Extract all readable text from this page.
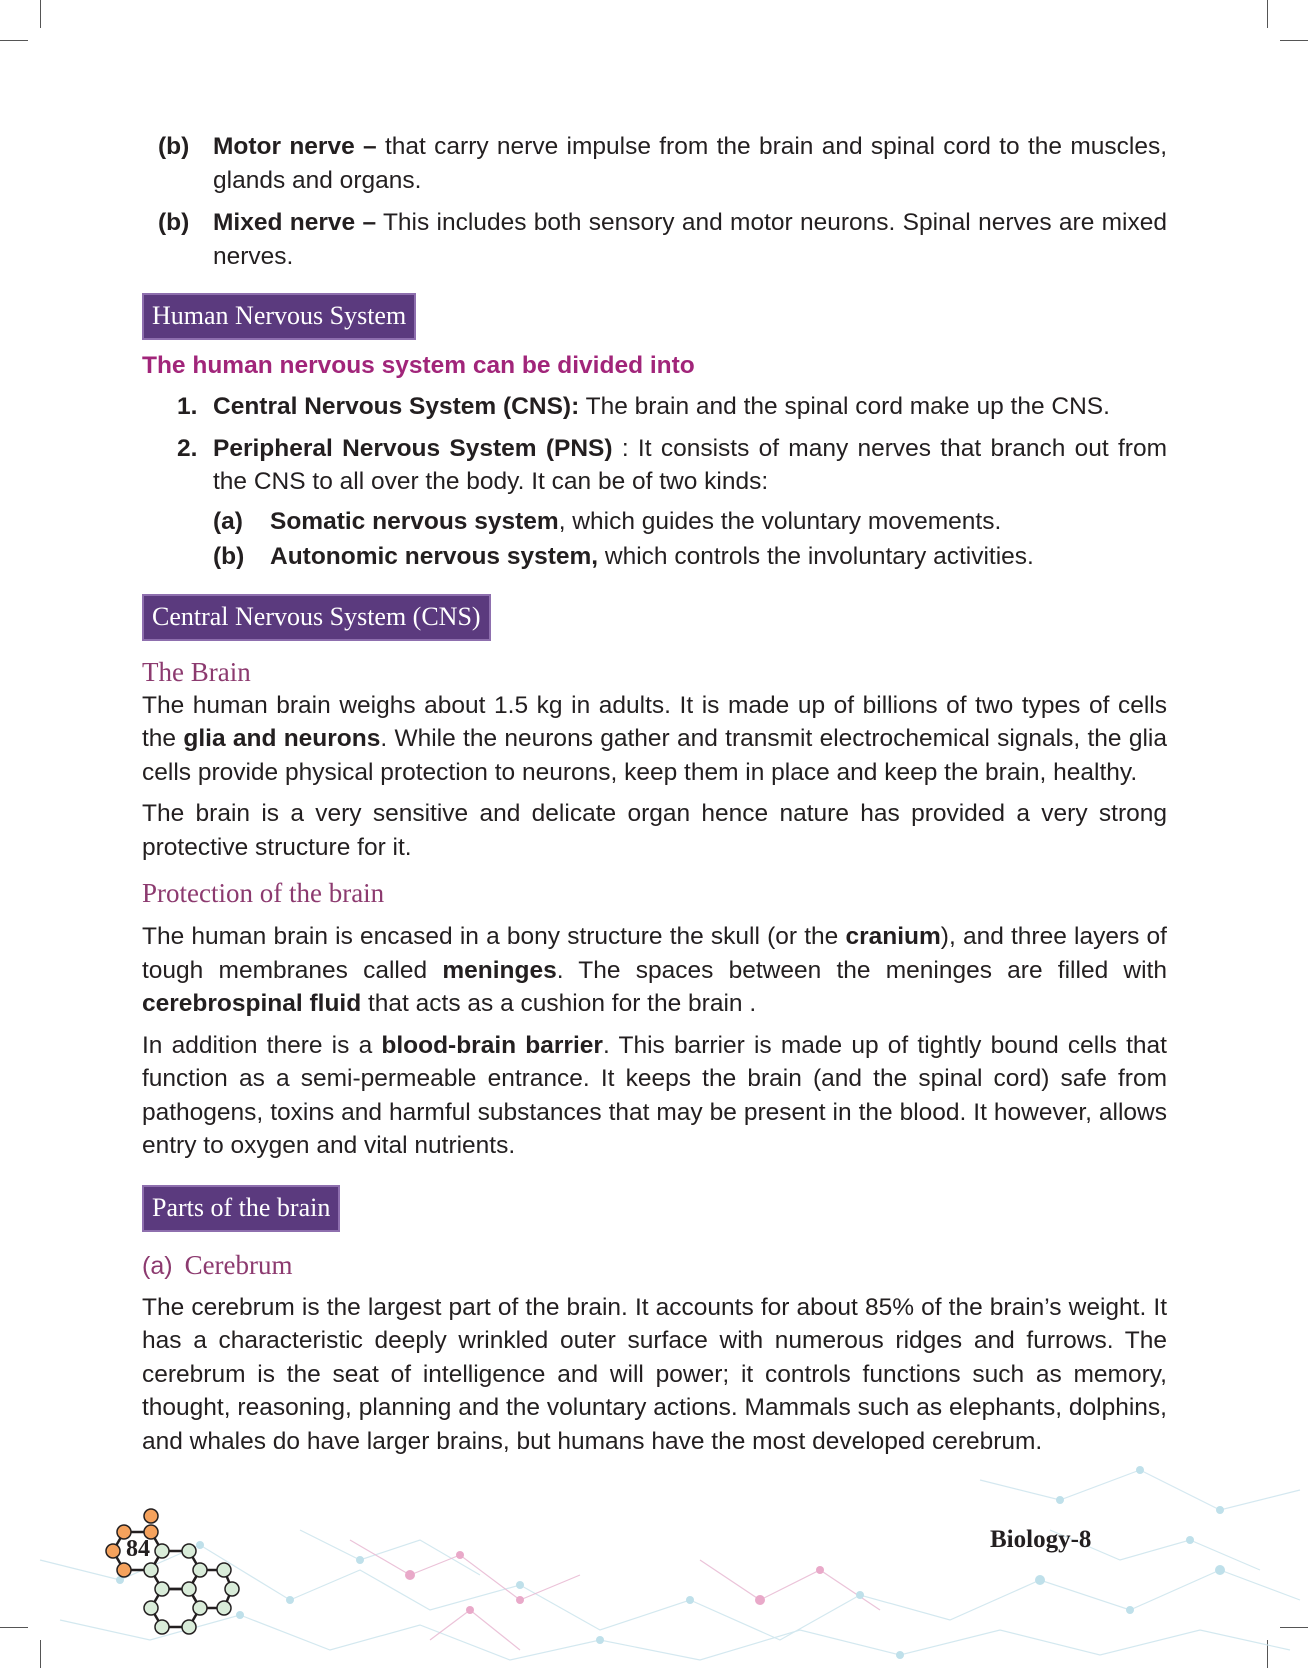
(b) Motor nerve – that carry nerve impulse from the brain and spinal cord to the muscles, glands and organs.

(b) Mixed nerve – This includes both sensory and motor neurons. Spinal nerves are mixed nerves.

Human Nervous System
The human nervous system can be divided into
1. Central Nervous System (CNS): The brain and the spinal cord make up the CNS.

2. Peripheral Nervous System (PNS) : It consists of many nerves that branch out from the CNS to all over the body. It can be of two kinds:

(a)	Somatic nervous system, which guides the voluntary movements.

(b)	Autonomic nervous system, which controls the involuntary activities.

Central Nervous System (CNS)
The Brain

The human brain weighs about 1.5 kg in adults. It is made up of billions of two types of cells the glia and neurons. While the neurons gather and transmit electrochemical signals, the glia cells provide physical protection to neurons, keep them in place and keep the brain, healthy.

The brain is a very sensitive and delicate organ hence nature has provided a very strong protective structure for it.

Protection of the brain

The human brain is encased in a bony structure the skull (or the cranium), and three layers of tough membranes called meninges. The spaces between the meninges are filled with cerebrospinal fluid that acts as a cushion for the brain .

In addition there is a blood-brain barrier. This barrier is made up of tightly bound cells that function as a semi-permeable entrance. It keeps the brain (and the spinal cord) safe from pathogens, toxins and harmful substances that may be present in the blood. It however, allows entry to oxygen and vital nutrients.

Parts of the brain
(a) Cerebrum

The cerebrum is the largest part of the brain. It accounts for about 85% of the brain’s weight. It has a characteristic deeply wrinkled outer surface with numerous ridges and furrows. The cerebrum is the seat of intelligence and will power; it controls functions such as memory, thought, reasoning, planning and the voluntary actions. Mammals such as elephants, dolphins, and whales do have larger brains, but humans have the most developed cerebrum.

84	Biology-8
